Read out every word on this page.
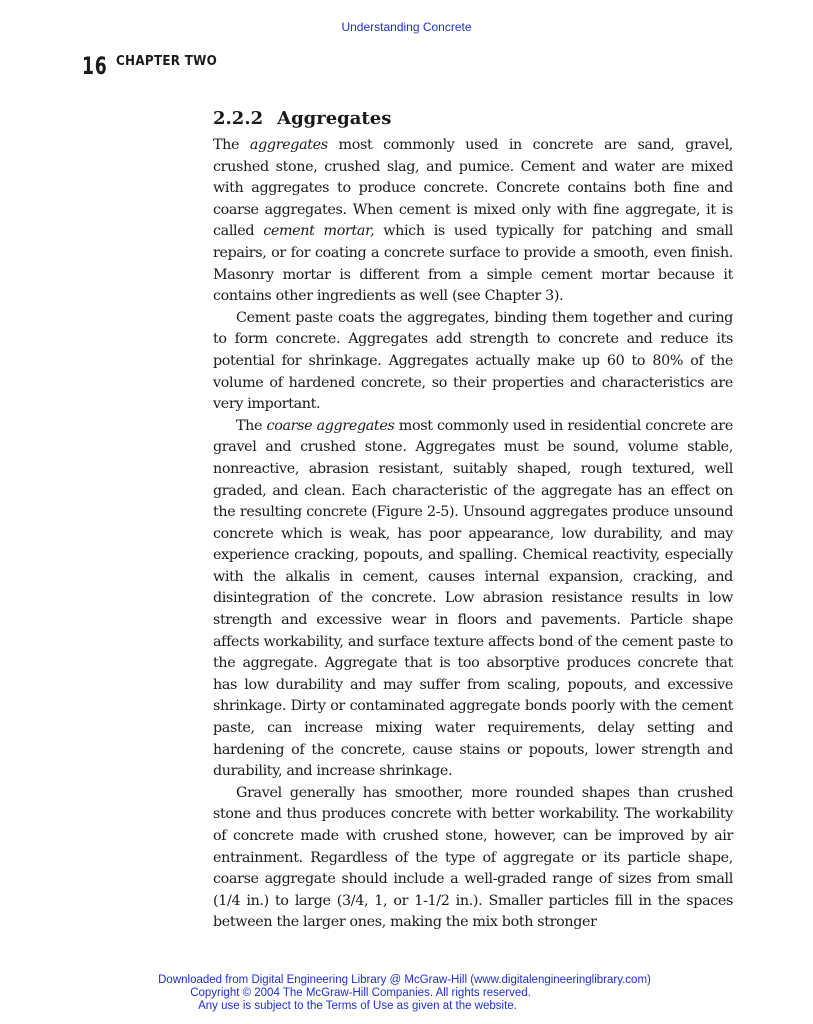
Understanding Concrete
16 CHAPTER TWO
2.2.2 Aggregates

The aggregates most commonly used in concrete are sand, gravel, crushed stone, crushed slag, and pumice. Cement and water are mixed with aggregates to produce concrete. Concrete contains both fine and coarse aggregates. When cement is mixed only with fine aggregate, it is called cement mortar, which is used typically for patching and small repairs, or for coating a concrete surface to provide a smooth, even finish. Masonry mortar is different from a simple cement mortar because it contains other ingredients as well (see Chapter 3).

Cement paste coats the aggregates, binding them together and curing to form concrete. Aggregates add strength to concrete and reduce its potential for shrinkage. Aggregates actually make up 60 to 80% of the volume of hardened concrete, so their properties and characteristics are very important.

The coarse aggregates most commonly used in residential concrete are gravel and crushed stone. Aggregates must be sound, volume stable, nonreactive, abrasion resistant, suitably shaped, rough textured, well graded, and clean. Each characteristic of the aggregate has an effect on the resulting concrete (Figure 2-5). Unsound aggregates produce unsound concrete which is weak, has poor appearance, low durability, and may experience cracking, popouts, and spalling. Chemical reactivity, especially with the alkalis in cement, causes internal expansion, cracking, and disintegration of the concrete. Low abrasion resistance results in low strength and excessive wear in floors and pavements. Particle shape affects workability, and surface texture affects bond of the cement paste to the aggregate. Aggregate that is too absorptive produces concrete that has low durability and may suffer from scaling, popouts, and excessive shrinkage. Dirty or contaminated aggregate bonds poorly with the cement paste, can increase mixing water requirements, delay setting and hardening of the concrete, cause stains or popouts, lower strength and durability, and increase shrinkage.

Gravel generally has smoother, more rounded shapes than crushed stone and thus produces concrete with better workability. The workability of concrete made with crushed stone, however, can be improved by air entrainment. Regardless of the type of aggregate or its particle shape, coarse aggregate should include a well-graded range of sizes from small (1/4 in.) to large (3/4, 1, or 1-1/2 in.). Smaller particles fill in the spaces between the larger ones, making the mix both stronger

Downloaded from Digital Engineering Library @ McGraw-Hill (www.digitalengineeringlibrary.com)
Copyright © 2004 The McGraw-Hill Companies. All rights reserved.
Any use is subject to the Terms of Use as given at the website.
